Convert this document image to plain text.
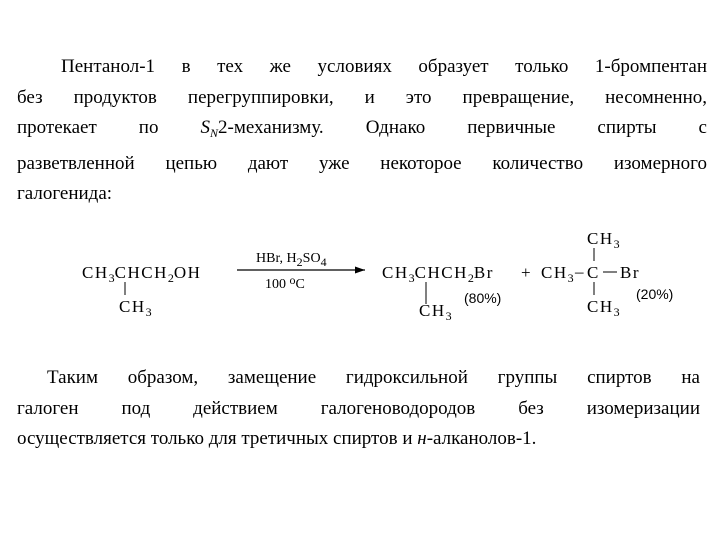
Пентанол-1 в тех же условиях образует только 1-бромпентан
без продуктов перегруппировки, и это превращение, несомненно,
протекает по $S_N2$-механизму. Однако первичные спирты с
разветвленной цепью дают уже некоторое количество изомерного
галогенида:
$CH_3CHCH_2OH$
$CH_3$
HBr, H2SO4
100 oC
$CH_3CHCH_2Br$
$CH_3$
(80%)
+ $CH_3$ – C Br
$CH_3$
$CH_3$
(20%)
Таким образом, замещение гидроксильной группы спиртов на
галоген под действием галогеноводородов без изомеризации
осуществляется только для третичных спиртов и н-алканолов-1.
